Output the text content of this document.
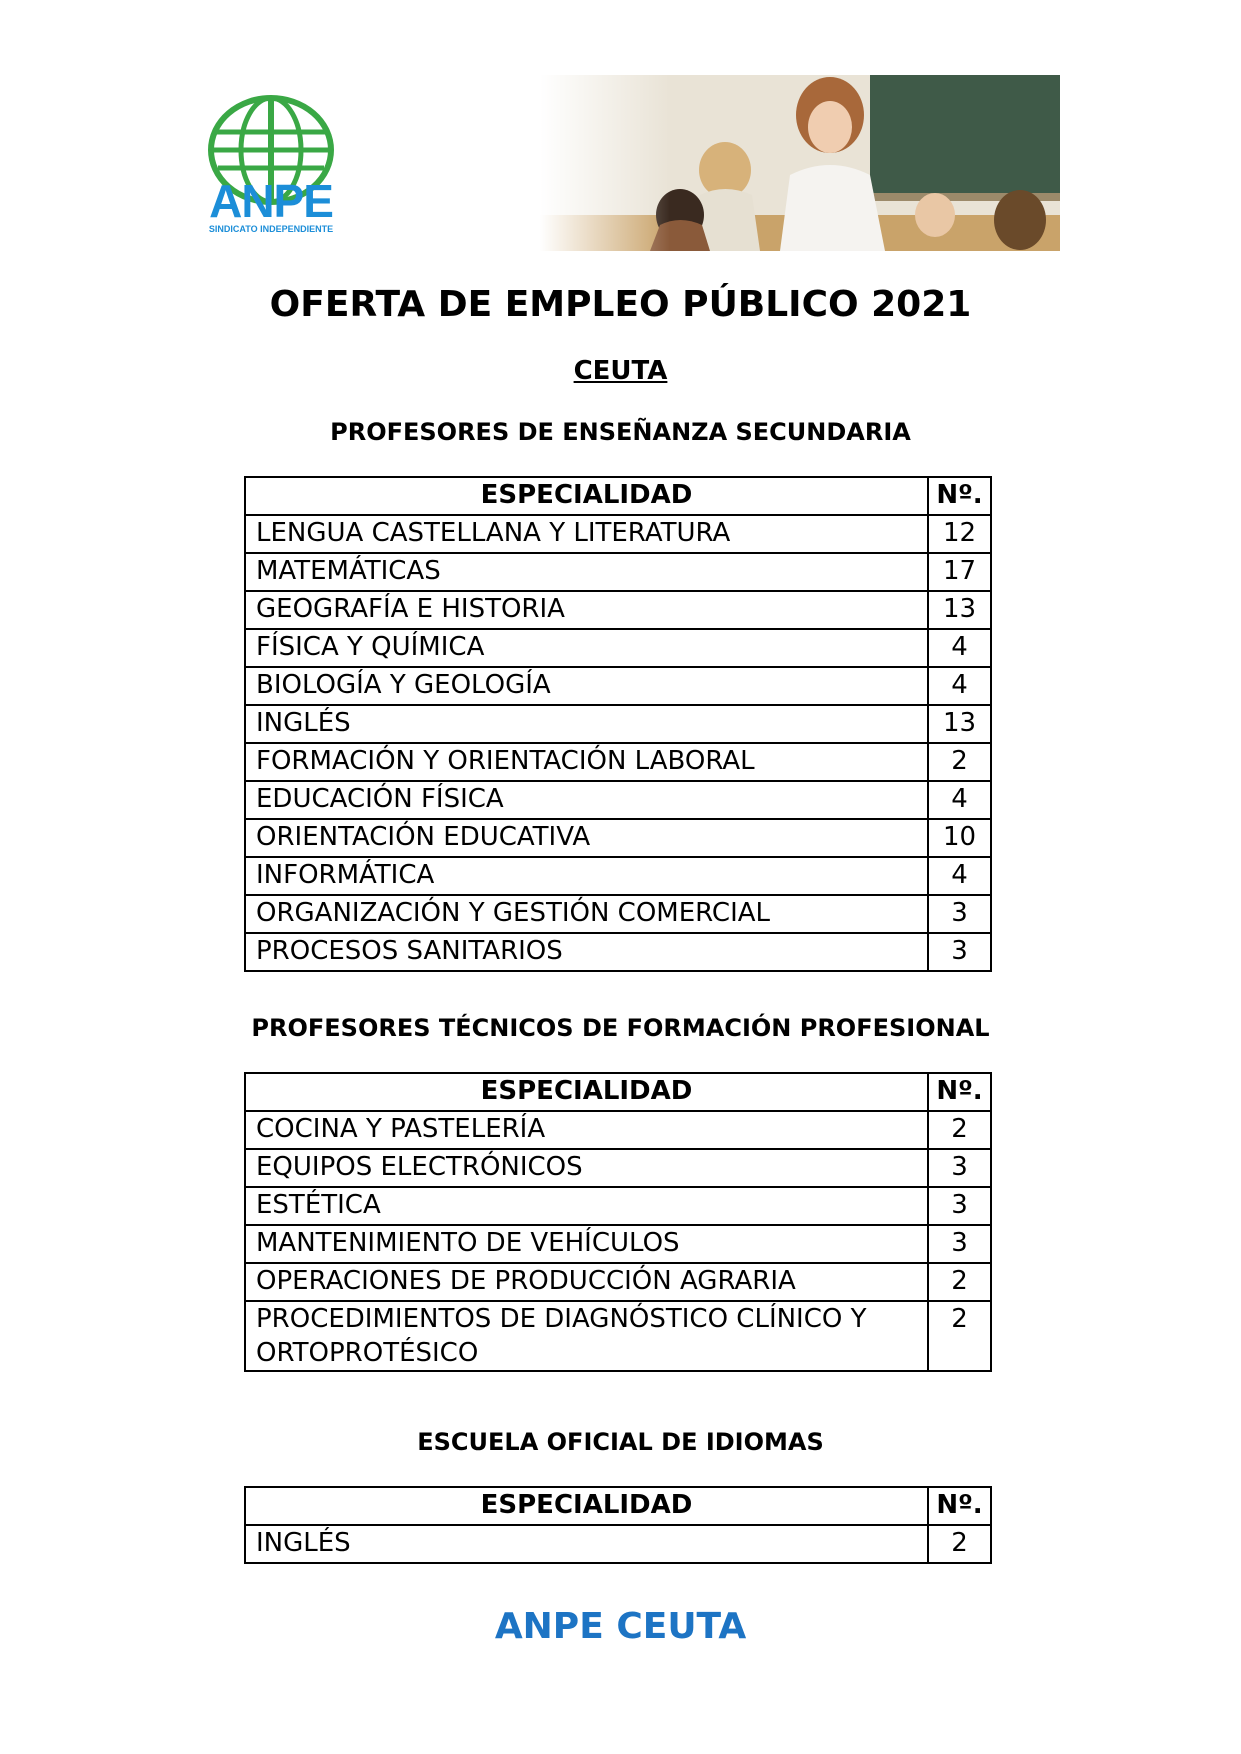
ANPE
SINDICATO INDEPENDIENTE
OFERTA DE EMPLEO PÚBLICO 2021
CEUTA
PROFESORES DE ENSEÑANZA SECUNDARIA
ESPECIALIDAD	Nº.
LENGUA CASTELLANA Y LITERATURA	12
MATEMÁTICAS	17
GEOGRAFÍA E HISTORIA	13
FÍSICA Y QUÍMICA	4
BIOLOGÍA Y GEOLOGÍA	4
INGLÉS	13
FORMACIÓN Y ORIENTACIÓN LABORAL	2
EDUCACIÓN FÍSICA	4
ORIENTACIÓN EDUCATIVA	10
INFORMÁTICA	4
ORGANIZACIÓN Y GESTIÓN COMERCIAL	3
PROCESOS SANITARIOS	3
PROFESORES TÉCNICOS DE FORMACIÓN PROFESIONAL
ESPECIALIDAD	Nº.
COCINA Y PASTELERÍA	2
EQUIPOS ELECTRÓNICOS	3
ESTÉTICA	3
MANTENIMIENTO DE VEHÍCULOS	3
OPERACIONES DE PRODUCCIÓN AGRARIA	2
PROCEDIMIENTOS DE DIAGNÓSTICO CLÍNICO Y ORTOPROTÉSICO	2
ESCUELA OFICIAL DE IDIOMAS
ESPECIALIDAD	Nº.
INGLÉS	2
ANPE CEUTA
